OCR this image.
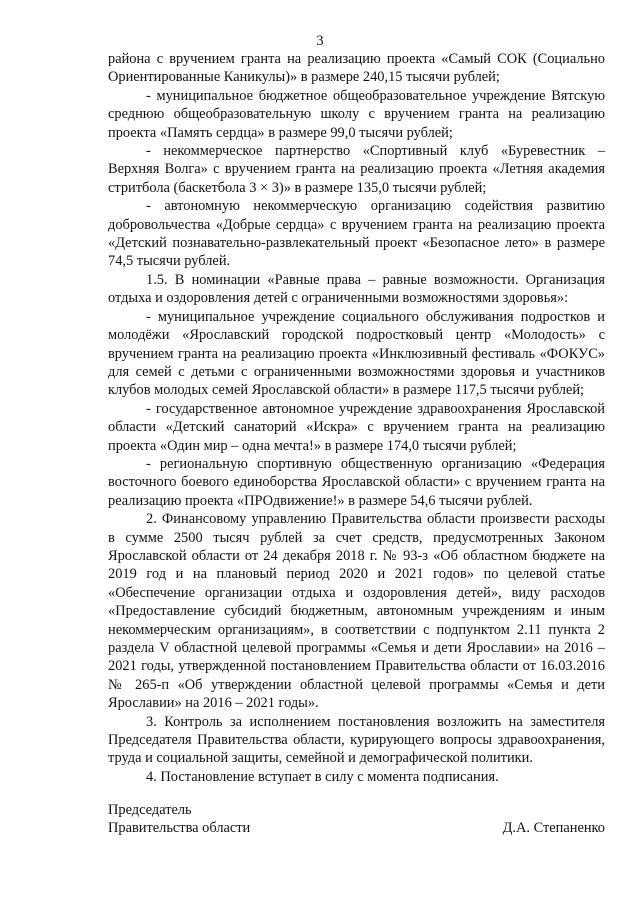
3

района с вручением гранта на реализацию проекта «Самый СОК (Социально Ориентированные Каникулы)» в размере 240,15 тысячи рублей;

- муниципальное бюджетное общеобразовательное учреждение Вятскую среднюю общеобразовательную школу с вручением гранта на реализацию проекта «Память сердца» в размере 99,0 тысячи рублей;

- некоммерческое партнерство «Спортивный клуб «Буревестник – Верхняя Волга» с вручением гранта на реализацию проекта «Летняя академия стритбола (баскетбола 3 × 3)» в размере 135,0 тысячи рублей;

- автономную некоммерческую организацию содействия развитию добровольчества «Добрые сердца» с вручением гранта на реализацию проекта «Детский познавательно-развлекательный проект «Безопасное лето» в размере 74,5 тысячи рублей.

1.5. В номинации «Равные права – равные возможности. Организация отдыха и оздоровления детей с ограниченными возможностями здоровья»:

- муниципальное учреждение социального обслуживания подростков и молодёжи «Ярославский городской подростковый центр «Молодость» с вручением гранта на реализацию проекта «Инклюзивный фестиваль «ФОКУС» для семей с детьми с ограниченными возможностями здоровья и участников клубов молодых семей Ярославской области» в размере 117,5 тысячи рублей;

- государственное автономное учреждение здравоохранения Ярославской области «Детский санаторий «Искра» с вручением гранта на реализацию проекта «Один мир – одна мечта!» в размере 174,0 тысячи рублей;

- региональную спортивную общественную организацию «Федерация восточного боевого единоборства Ярославской области» с вручением гранта на реализацию проекта «ПРОдвижение!» в размере 54,6 тысячи рублей.

2. Финансовому управлению Правительства области произвести расходы в сумме 2500 тысяч рублей за счет средств, предусмотренных Законом Ярославской области от 24 декабря 2018 г. № 93-з «Об областном бюджете на 2019 год и на плановый период 2020 и 2021 годов» по целевой статье «Обеспечение организации отдыха и оздоровления детей», виду расходов «Предоставление субсидий бюджетным, автономным учреждениям и иным некоммерческим организациям», в соответствии с подпунктом 2.11 пункта 2 раздела V областной целевой программы «Семья и дети Ярославии» на 2016 – 2021 годы, утвержденной постановлением Правительства области от 16.03.2016 № 265-п «Об утверждении областной целевой программы «Семья и дети Ярославии» на 2016 – 2021 годы».

3. Контроль за исполнением постановления возложить на заместителя Председателя Правительства области, курирующего вопросы здравоохранения, труда и социальной защиты, семейной и демографической политики.

4. Постановление вступает в силу с момента подписания.

Председатель
Правительства области	Д.А. Степаненко
